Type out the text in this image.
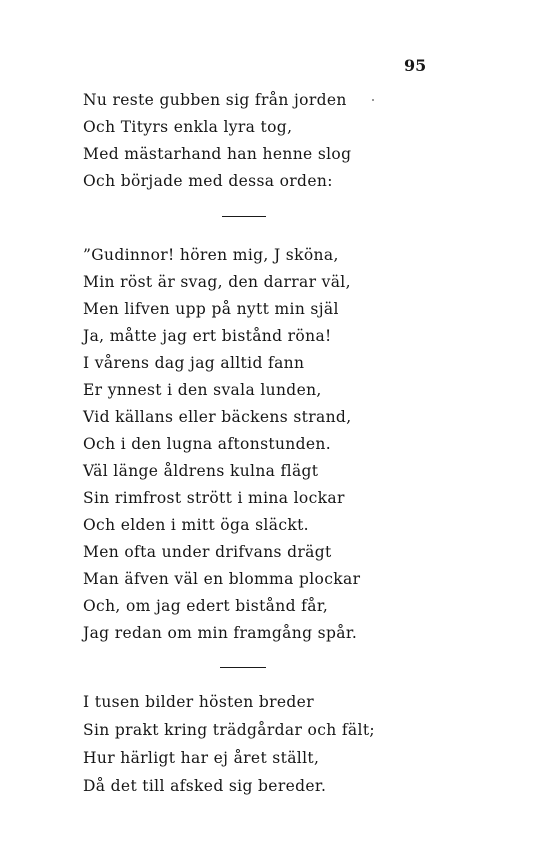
95
Nu reste gubben sig från jorden
Och Tityrs enkla lyra tog,
Med mästarhand han henne slog
Och började med dessa orden:
”Gudinnor! hören mig, J sköna,
Min röst är svag, den darrar väl,
Men lifven upp på nytt min själ
Ja, måtte jag ert bistånd röna!
I vårens dag jag alltid fann
Er ynnest i den svala lunden,
Vid källans eller bäckens strand,
Och i den lugna aftonstunden.
Väl länge åldrens kulna flägt
Sin rimfrost strött i mina lockar
Och elden i mitt öga släckt.
Men ofta under drifvans drägt
Man äfven väl en blomma plockar
Och, om jag edert bistånd får,
Jag redan om min framgång spår.
I tusen bilder hösten breder
Sin prakt kring trädgårdar och fält;
Hur härligt har ej året ställt,
Då det till afsked sig bereder.
